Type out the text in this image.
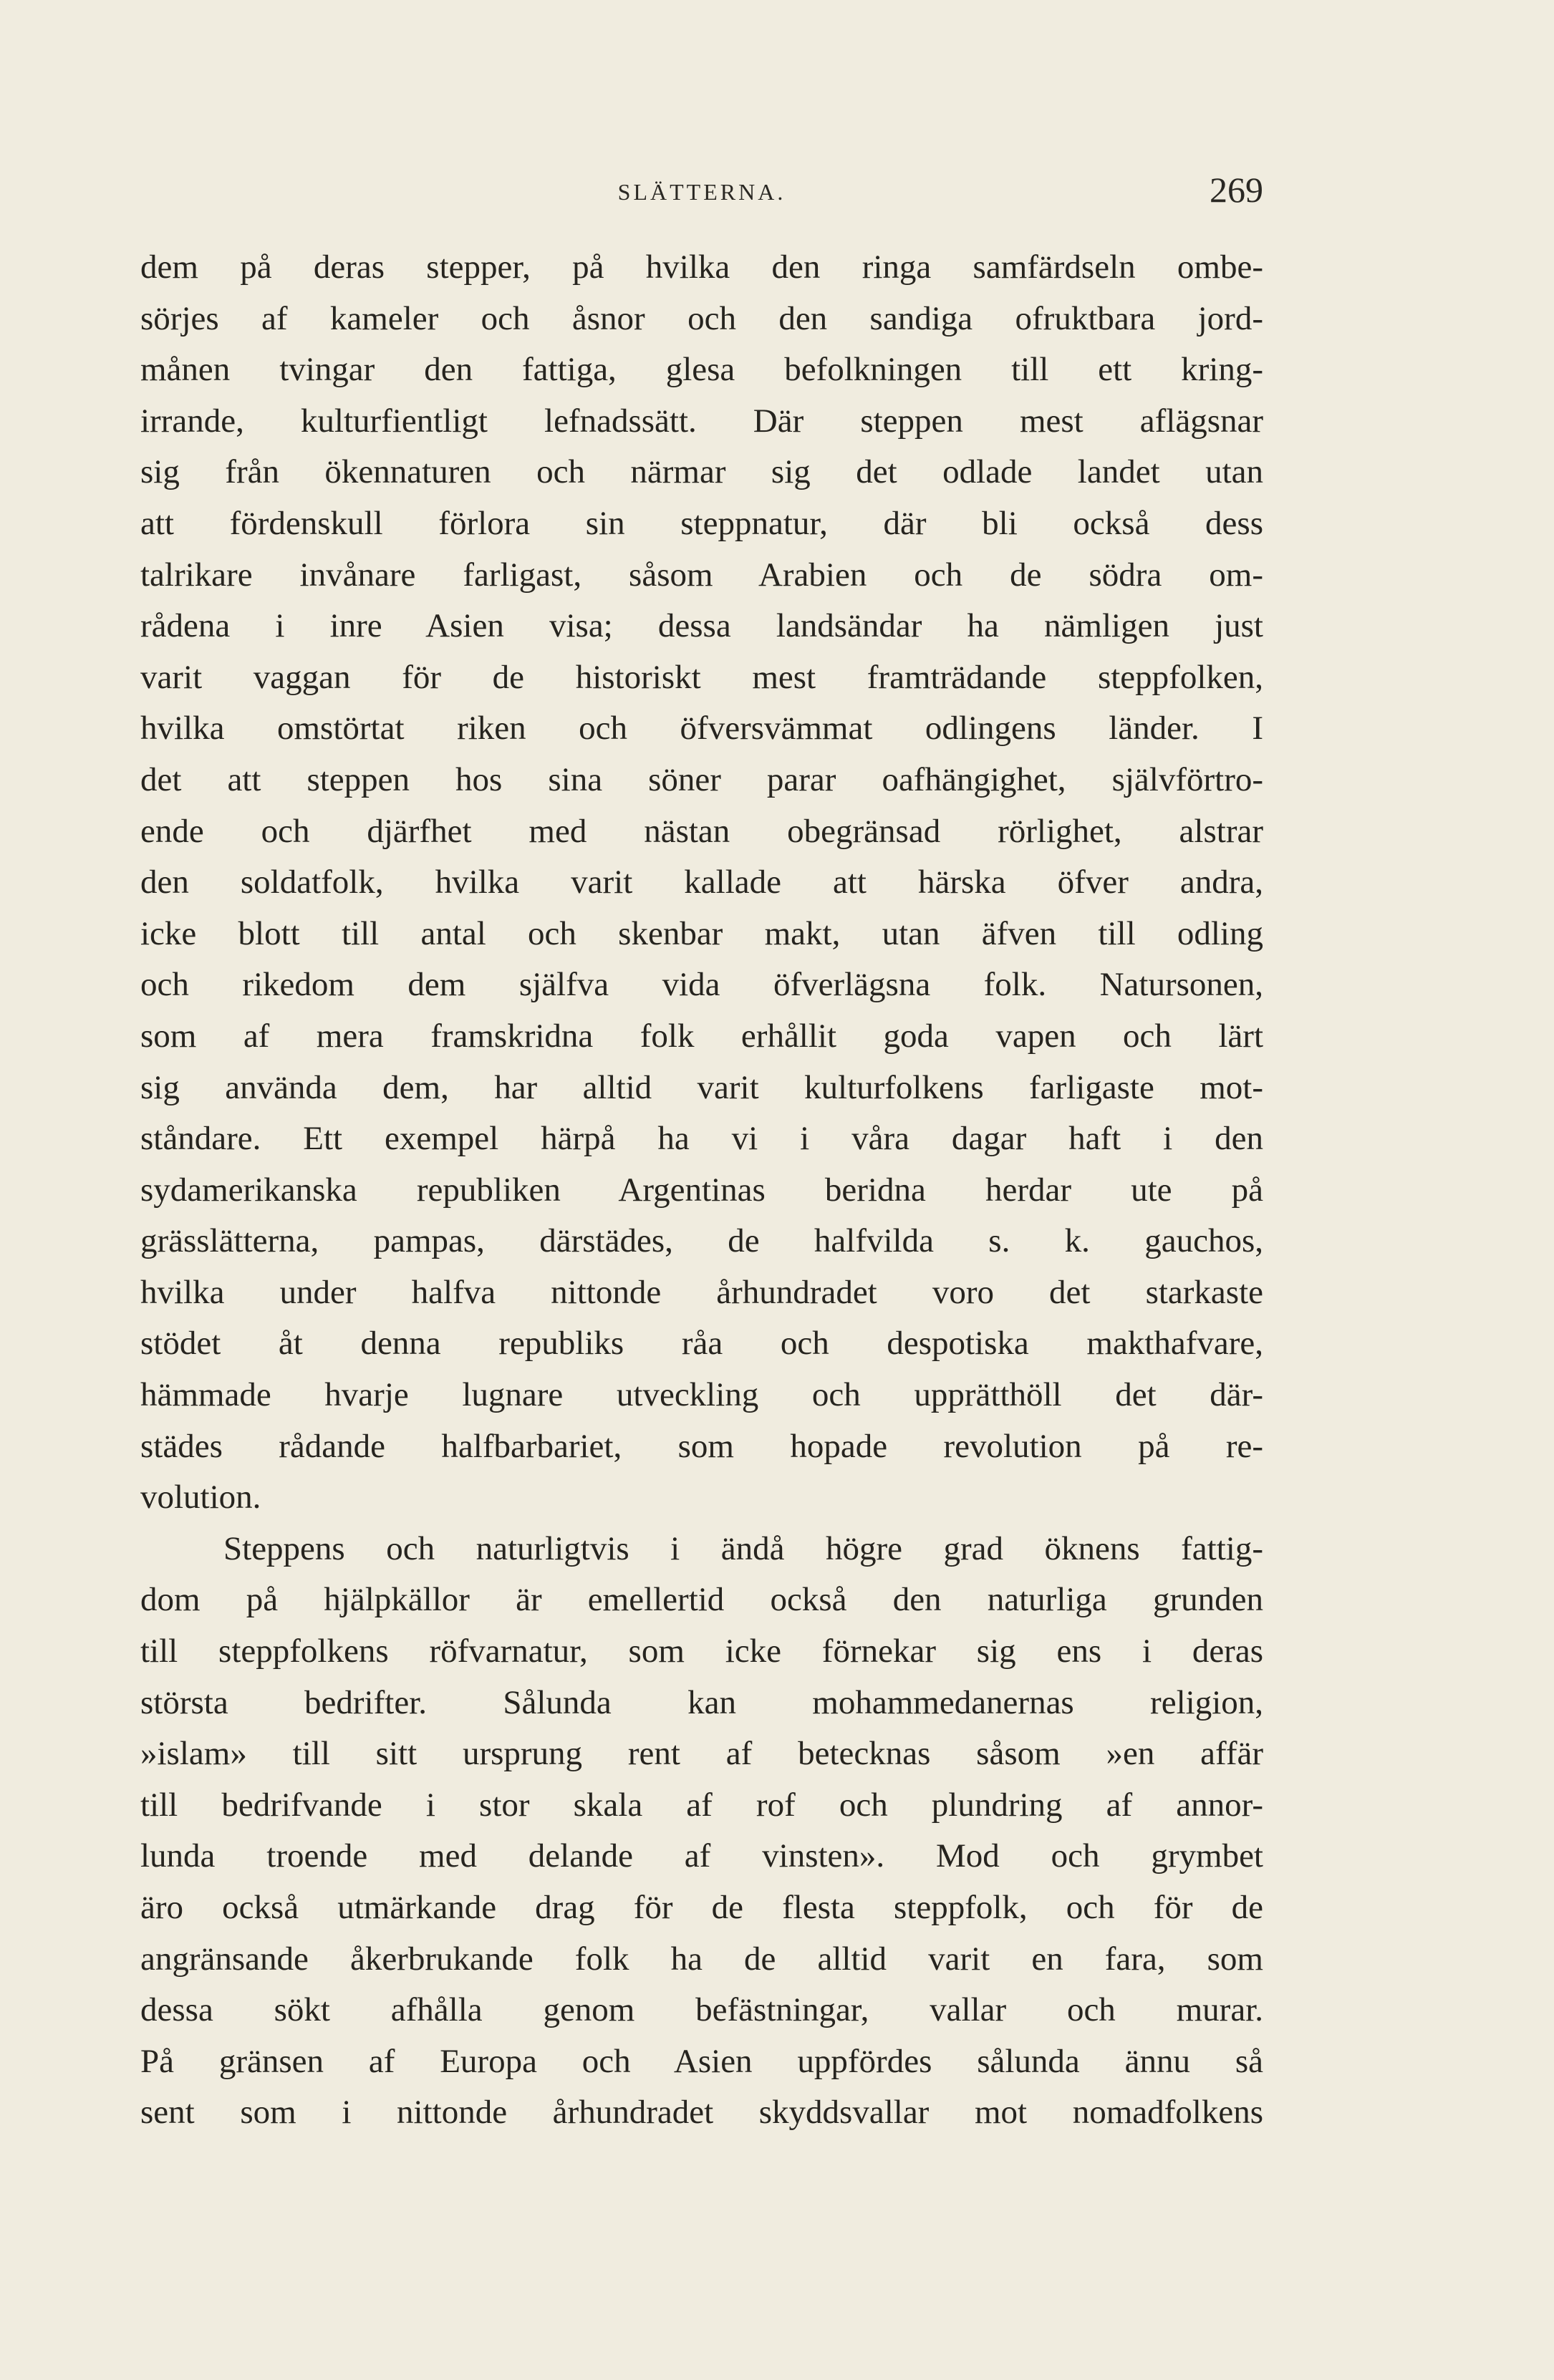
SLÄTTERNA.	269
dem på deras stepper, på hvilka den ringa samfärdseln ombe-
sörjes af kameler och åsnor och den sandiga ofruktbara jord-
månen tvingar den fattiga, glesa befolkningen till ett kring-
irrande, kulturfientligt lefnadssätt. Där steppen mest aflägsnar
sig från ökennaturen och närmar sig det odlade landet utan
att fördenskull förlora sin steppnatur, där bli också dess
talrikare invånare farligast, såsom Arabien och de södra om-
rådena i inre Asien visa; dessa landsändar ha nämligen just
varit vaggan för de historiskt mest framträdande steppfolken,
hvilka omstörtat riken och öfversvämmat odlingens länder. I
det att steppen hos sina söner parar oafhängighet, självförtro-
ende och djärfhet med nästan obegränsad rörlighet, alstrar
den soldatfolk, hvilka varit kallade att härska öfver andra,
icke blott till antal och skenbar makt, utan äfven till odling
och rikedom dem själfva vida öfverlägsna folk. Natursonen,
som af mera framskridna folk erhållit goda vapen och lärt
sig använda dem, har alltid varit kulturfolkens farligaste mot-
ståndare. Ett exempel härpå ha vi i våra dagar haft i den
sydamerikanska republiken Argentinas beridna herdar ute på
grässlätterna, pampas, därstädes, de halfvilda s. k. gauchos,
hvilka under halfva nittonde århundradet voro det starkaste
stödet åt denna republiks råa och despotiska makthafvare,
hämmade hvarje lugnare utveckling och upprätthöll det där-
städes rådande halfbarbariet, som hopade revolution på re-
volution.
Steppens och naturligtvis i ändå högre grad öknens fattig-
dom på hjälpkällor är emellertid också den naturliga grunden
till steppfolkens röfvarnatur, som icke förnekar sig ens i deras
största bedrifter. Sålunda kan mohammedanernas religion,
»islam» till sitt ursprung rent af betecknas såsom »en affär
till bedrifvande i stor skala af rof och plundring af annor-
lunda troende med delande af vinsten». Mod och grymbet
äro också utmärkande drag för de flesta steppfolk, och för de
angränsande åkerbrukande folk ha de alltid varit en fara, som
dessa sökt afhålla genom befästningar, vallar och murar.
På gränsen af Europa och Asien uppfördes sålunda ännu så
sent som i nittonde århundradet skyddsvallar mot nomadfolkens
